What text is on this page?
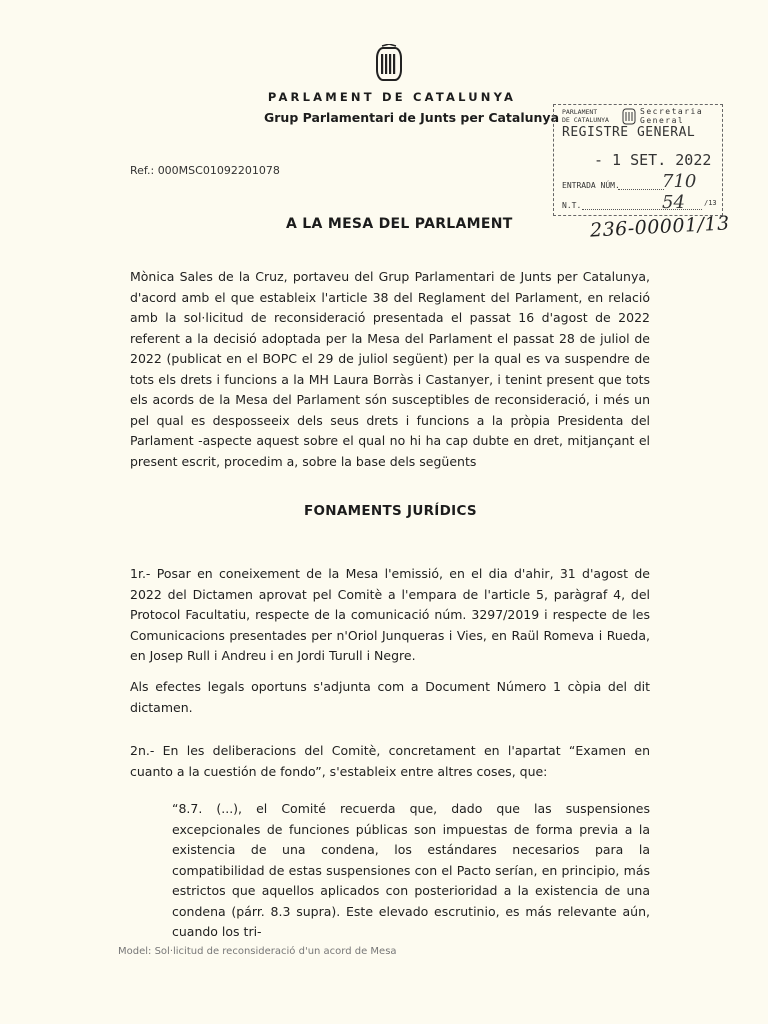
PARLAMENT DE CATALUNYA
Grup Parlamentari de Junts per Catalunya
Ref.: 000MSC01092201078
PARLAMENT
DE CATALUNYA
Secretaria
General
REGISTRE GENERAL
- 1 SET. 2022
ENTRADA NÚM. 710 54
N.T.	/13
236-00001/13
A LA MESA DEL PARLAMENT

Mònica Sales de la Cruz, portaveu del Grup Parlamentari de Junts per Catalunya, d'acord amb el que estableix l'article 38 del Reglament del Parlament, en relació amb la sol·licitud de reconsideració presentada el passat 16 d'agost de 2022 referent a la decisió adoptada per la Mesa del Parlament el passat 28 de juliol de 2022 (publicat en el BOPC el 29 de juliol següent) per la qual es va suspendre de tots els drets i funcions a la MH Laura Borràs i Castanyer, i tenint present que tots els acords de la Mesa del Parlament són susceptibles de reconsideració, i més un pel qual es desposseeix dels seus drets i funcions a la pròpia Presidenta del Parlament -aspecte aquest sobre el qual no hi ha cap dubte en dret, mitjançant el present escrit, procedim a, sobre la base dels següents

FONAMENTS JURÍDICS

1r.- Posar en coneixement de la Mesa l'emissió, en el dia d'ahir, 31 d'agost de 2022 del Dictamen aprovat pel Comitè a l'empara de l'article 5, paràgraf 4, del Protocol Facultatiu, respecte de la comunicació núm. 3297/2019 i respecte de les Comunicacions presentades per n'Oriol Junqueras i Vies, en Raül Romeva i Rueda, en Josep Rull i Andreu i en Jordi Turull i Negre.

Als efectes legals oportuns s'adjunta com a Document Número 1 còpia del dit dictamen.

2n.- En les deliberacions del Comitè, concretament en l'apartat “Examen en cuanto a la cuestión de fondo”, s'estableix entre altres coses, que:

“8.7. (...), el Comité recuerda que, dado que las suspensiones excepcionales de funciones públicas son impuestas de forma previa a la existencia de una condena, los estándares necesarios para la compatibilidad de estas suspensiones con el Pacto serían, en principio, más estrictos que aquellos aplicados con posterioridad a la existencia de una condena (párr. 8.3 supra). Este elevado escrutinio, es más relevante aún, cuando los tri-

Model: Sol·licitud de reconsideració d'un acord de Mesa
